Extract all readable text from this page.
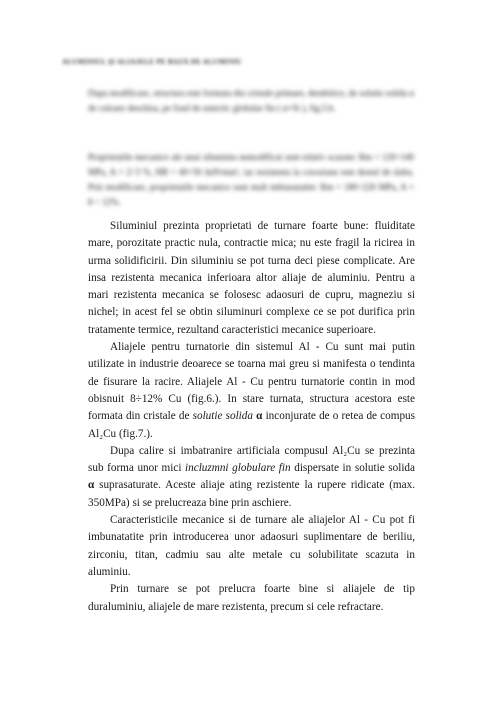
ALUMINIUL ŞI ALIAJELE PE BAZĂ DE ALUMINIU
Dupa modificare, structura este formata din cristale primare, dendritice, de solutie solida α de culoare deschisa, pe fond de eutectic globular fin ( α+Si ), fig.5.b.
Proprietatile mecanice ale unui siluminiu nemodificat sunt relativ scazute: Rm = 120÷140 MPa, A = 2÷3 %, HB = 40÷50 daN/mm², iar rezistenta la coroziune este destul de slaba. Prin modificare, proprietatile mecanice sunt mult imbunatatite: Rm = 180÷220 MPa, A = 8 ÷ 12%.

Siluminiul prezinta proprietati de turnare foarte bune: fluiditate mare, porozitate practic nula, contractie mica; nu este fragil la ricirea in urma solidificirii. Din siluminiu se pot turna deci piese complicate. Are insa rezistenta mecanica inferioara altor aliaje de aluminiu. Pentru a mari rezistenta mecanica se folosesc adaosuri de cupru, magneziu si nichel; in acest fel se obtin siluminuri complexe ce se pot durifica prin tratamente termice, rezultand caracteristici mecanice superioare.

Aliajele pentru turnatorie din sistemul Al - Cu sunt mai putin utilizate in industrie deoarece se toarna mai greu si manifesta o tendinta de fisurare la racire. Aliajele Al - Cu pentru turnatorie contin in mod obisnuit 8÷12% Cu (fig.6.). In stare turnata, structura acestora este formata din cristale de solutie solida α inconjurate de o retea de compus Al₂Cu (fig.7.).

Dupa calire si imbatranire artificiala compusul Al₂Cu se prezinta sub forma unor mici incluzmni globulare fin dispersate in solutie solida α suprasaturate. Aceste aliaje ating rezistente la rupere ridicate (max. 350MPa) si se prelucreaza bine prin aschiere.

Caracteristicile mecanice si de turnare ale aliajelor Al - Cu pot fi imbunatatite prin introducerea unor adaosuri suplimentare de beriliu, zirconiu, titan, cadmiu sau alte metale cu solubilitate scazuta in aluminiu.

Prin turnare se pot prelucra foarte bine si aliajele de tip duraluminiu, aliajele de mare rezistenta, precum si cele refractare.
